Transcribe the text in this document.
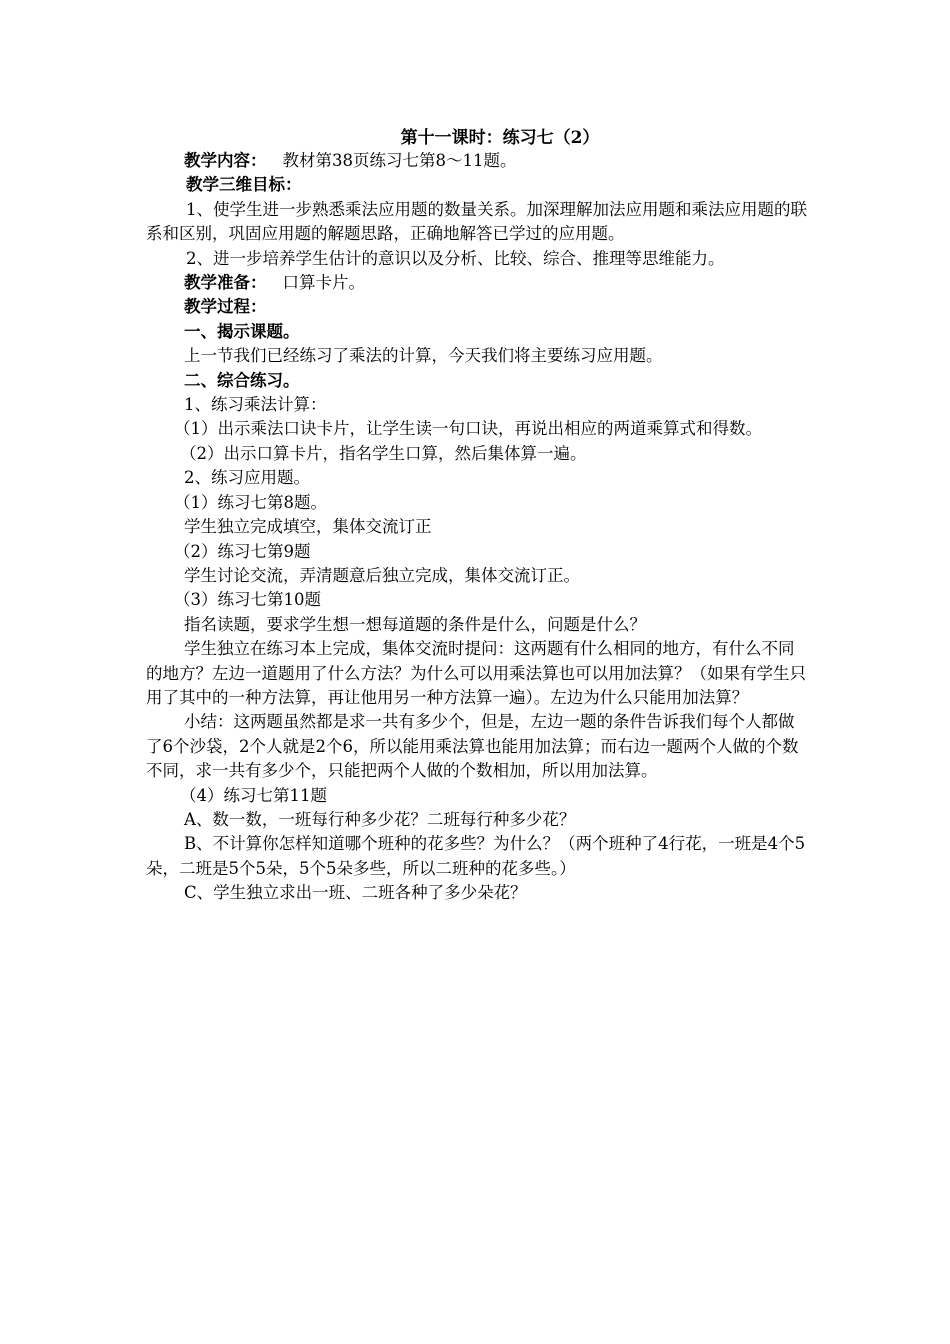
第十一课时：练习七（2）

教学内容： 教材第38页练习七第8～11题。

教学三维目标：

1、使学生进一步熟悉乘法应用题的数量关系。加深理解加法应用题和乘法应用题的联系和区别，巩固应用题的解题思路，正确地解答已学过的应用题。

2、进一步培养学生估计的意识以及分析、比较、综合、推理等思维能力。

教学准备： 口算卡片。

教学过程：

一、揭示课题。

上一节我们已经练习了乘法的计算，今天我们将主要练习应用题。

二、综合练习。

1、练习乘法计算：

（1）出示乘法口诀卡片，让学生读一句口诀，再说出相应的两道乘算式和得数。

（2）出示口算卡片，指名学生口算，然后集体算一遍。

2、练习应用题。

（1）练习七第8题。

学生独立完成填空，集体交流订正

（2）练习七第9题

学生讨论交流，弄清题意后独立完成，集体交流订正。

（3）练习七第10题

指名读题，要求学生想一想每道题的条件是什么，问题是什么？

学生独立在练习本上完成，集体交流时提问：这两题有什么相同的地方，有什么不同的地方？左边一道题用了什么方法？为什么可以用乘法算也可以用加法算？（如果有学生只用了其中的一种方法算，再让他用另一种方法算一遍）。左边为什么只能用加法算？

小结：这两题虽然都是求一共有多少个，但是，左边一题的条件告诉我们每个人都做了6个沙袋，2个人就是2个6，所以能用乘法算也能用加法算；而右边一题两个人做的个数不同，求一共有多少个，只能把两个人做的个数相加，所以用加法算。

（4）练习七第11题

A、数一数，一班每行种多少花？二班每行种多少花？

B、不计算你怎样知道哪个班种的花多些？为什么？（两个班种了4行花，一班是4个5朵，二班是5个5朵，5个5朵多些，所以二班种的花多些。）

C、学生独立求出一班、二班各种了多少朵花？
